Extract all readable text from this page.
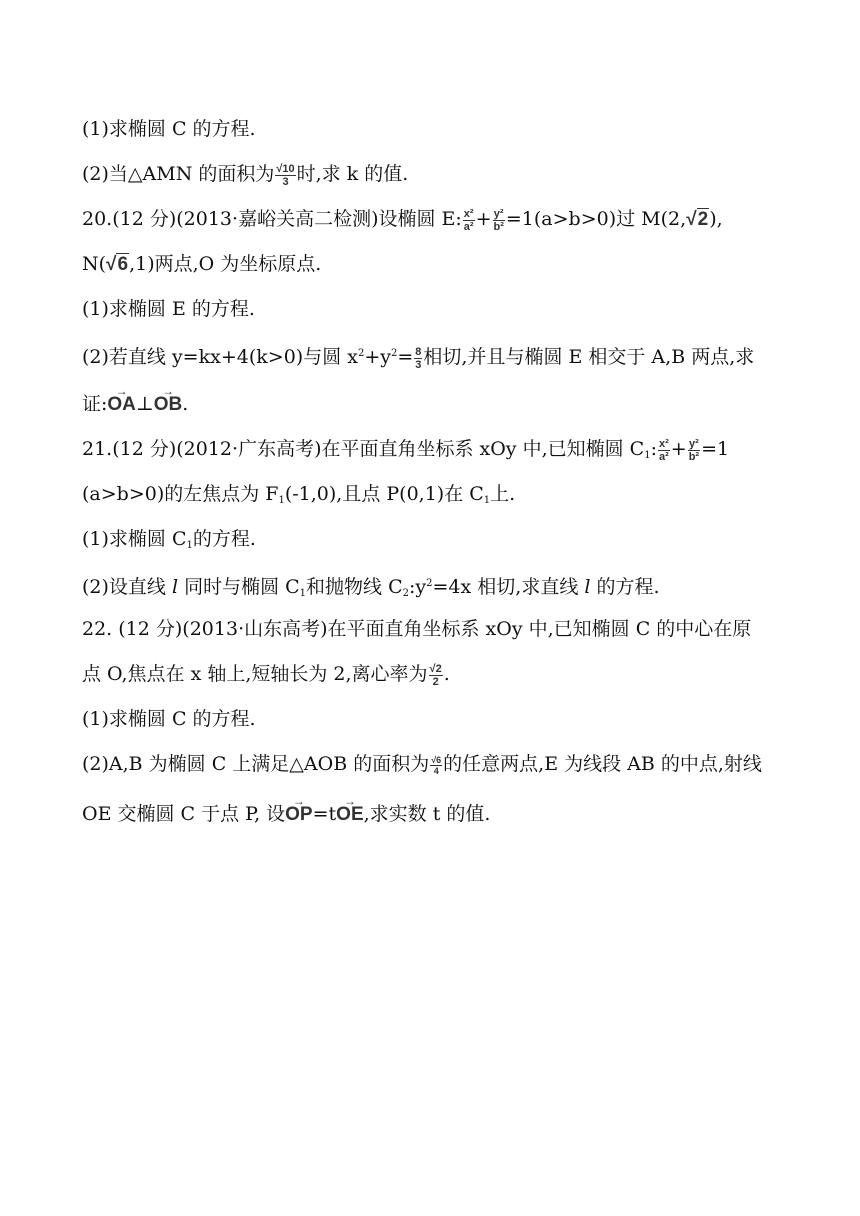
(1)求椭圆 C 的方程.
(2)当△AMN 的面积为 $\frac{√10}{3}$ 时,求 k 的值.
20.(12 分)(2013·嘉峪关高二检测)设椭圆 E: $\frac{\text{x²}}{\text{a²}} + \frac{\text{y²}}{\text{b²}} =1(a>b>0)$过 M(2,√2),
N(√6,1)两点,O 为坐标原点.
(1)求椭圆 E 的方程.
(2)若直线 y=kx+4(k>0)与圆 $x^2+y^2= \frac{8}{3}$ 相切,并且与椭圆 E 相交于 A,B 两点,求
证:→ OA⊥→ OB.
21.(12 分)(2012·广东高考)在平面直角坐标系 xOy 中,已知椭圆 $C_1$: $\frac{\text{x²}}{\text{a²}} + \frac{\text{y²}}{\text{b²}} =1$
(a>b>0)的左焦点为 $F_1(-1,0)$,且点 P(0,1)在 $C_1$上.
(1)求椭圆 $C_1$的方程.
(2)设直线 l 同时与椭圆 $C_1$和抛物线 $C_2:y^2=4x$ 相切,求直线 l 的方程.
22. (12 分)(2013·山东高考)在平面直角坐标系 xOy 中,已知椭圆 C 的中心在原
点 O,焦点在 x 轴上,短轴长为 2,离心率为 $\frac{√2}{2}$ .
(1)求椭圆 C 的方程.
(2)A,B 为椭圆 C 上满足△AOB 的面积为 $\frac{√6}{4}$ 的任意两点,E 为线段 AB 的中点,射线
OE 交椭圆 C 于点 P, 设→ OP=t→ OE,求实数 t 的值.
